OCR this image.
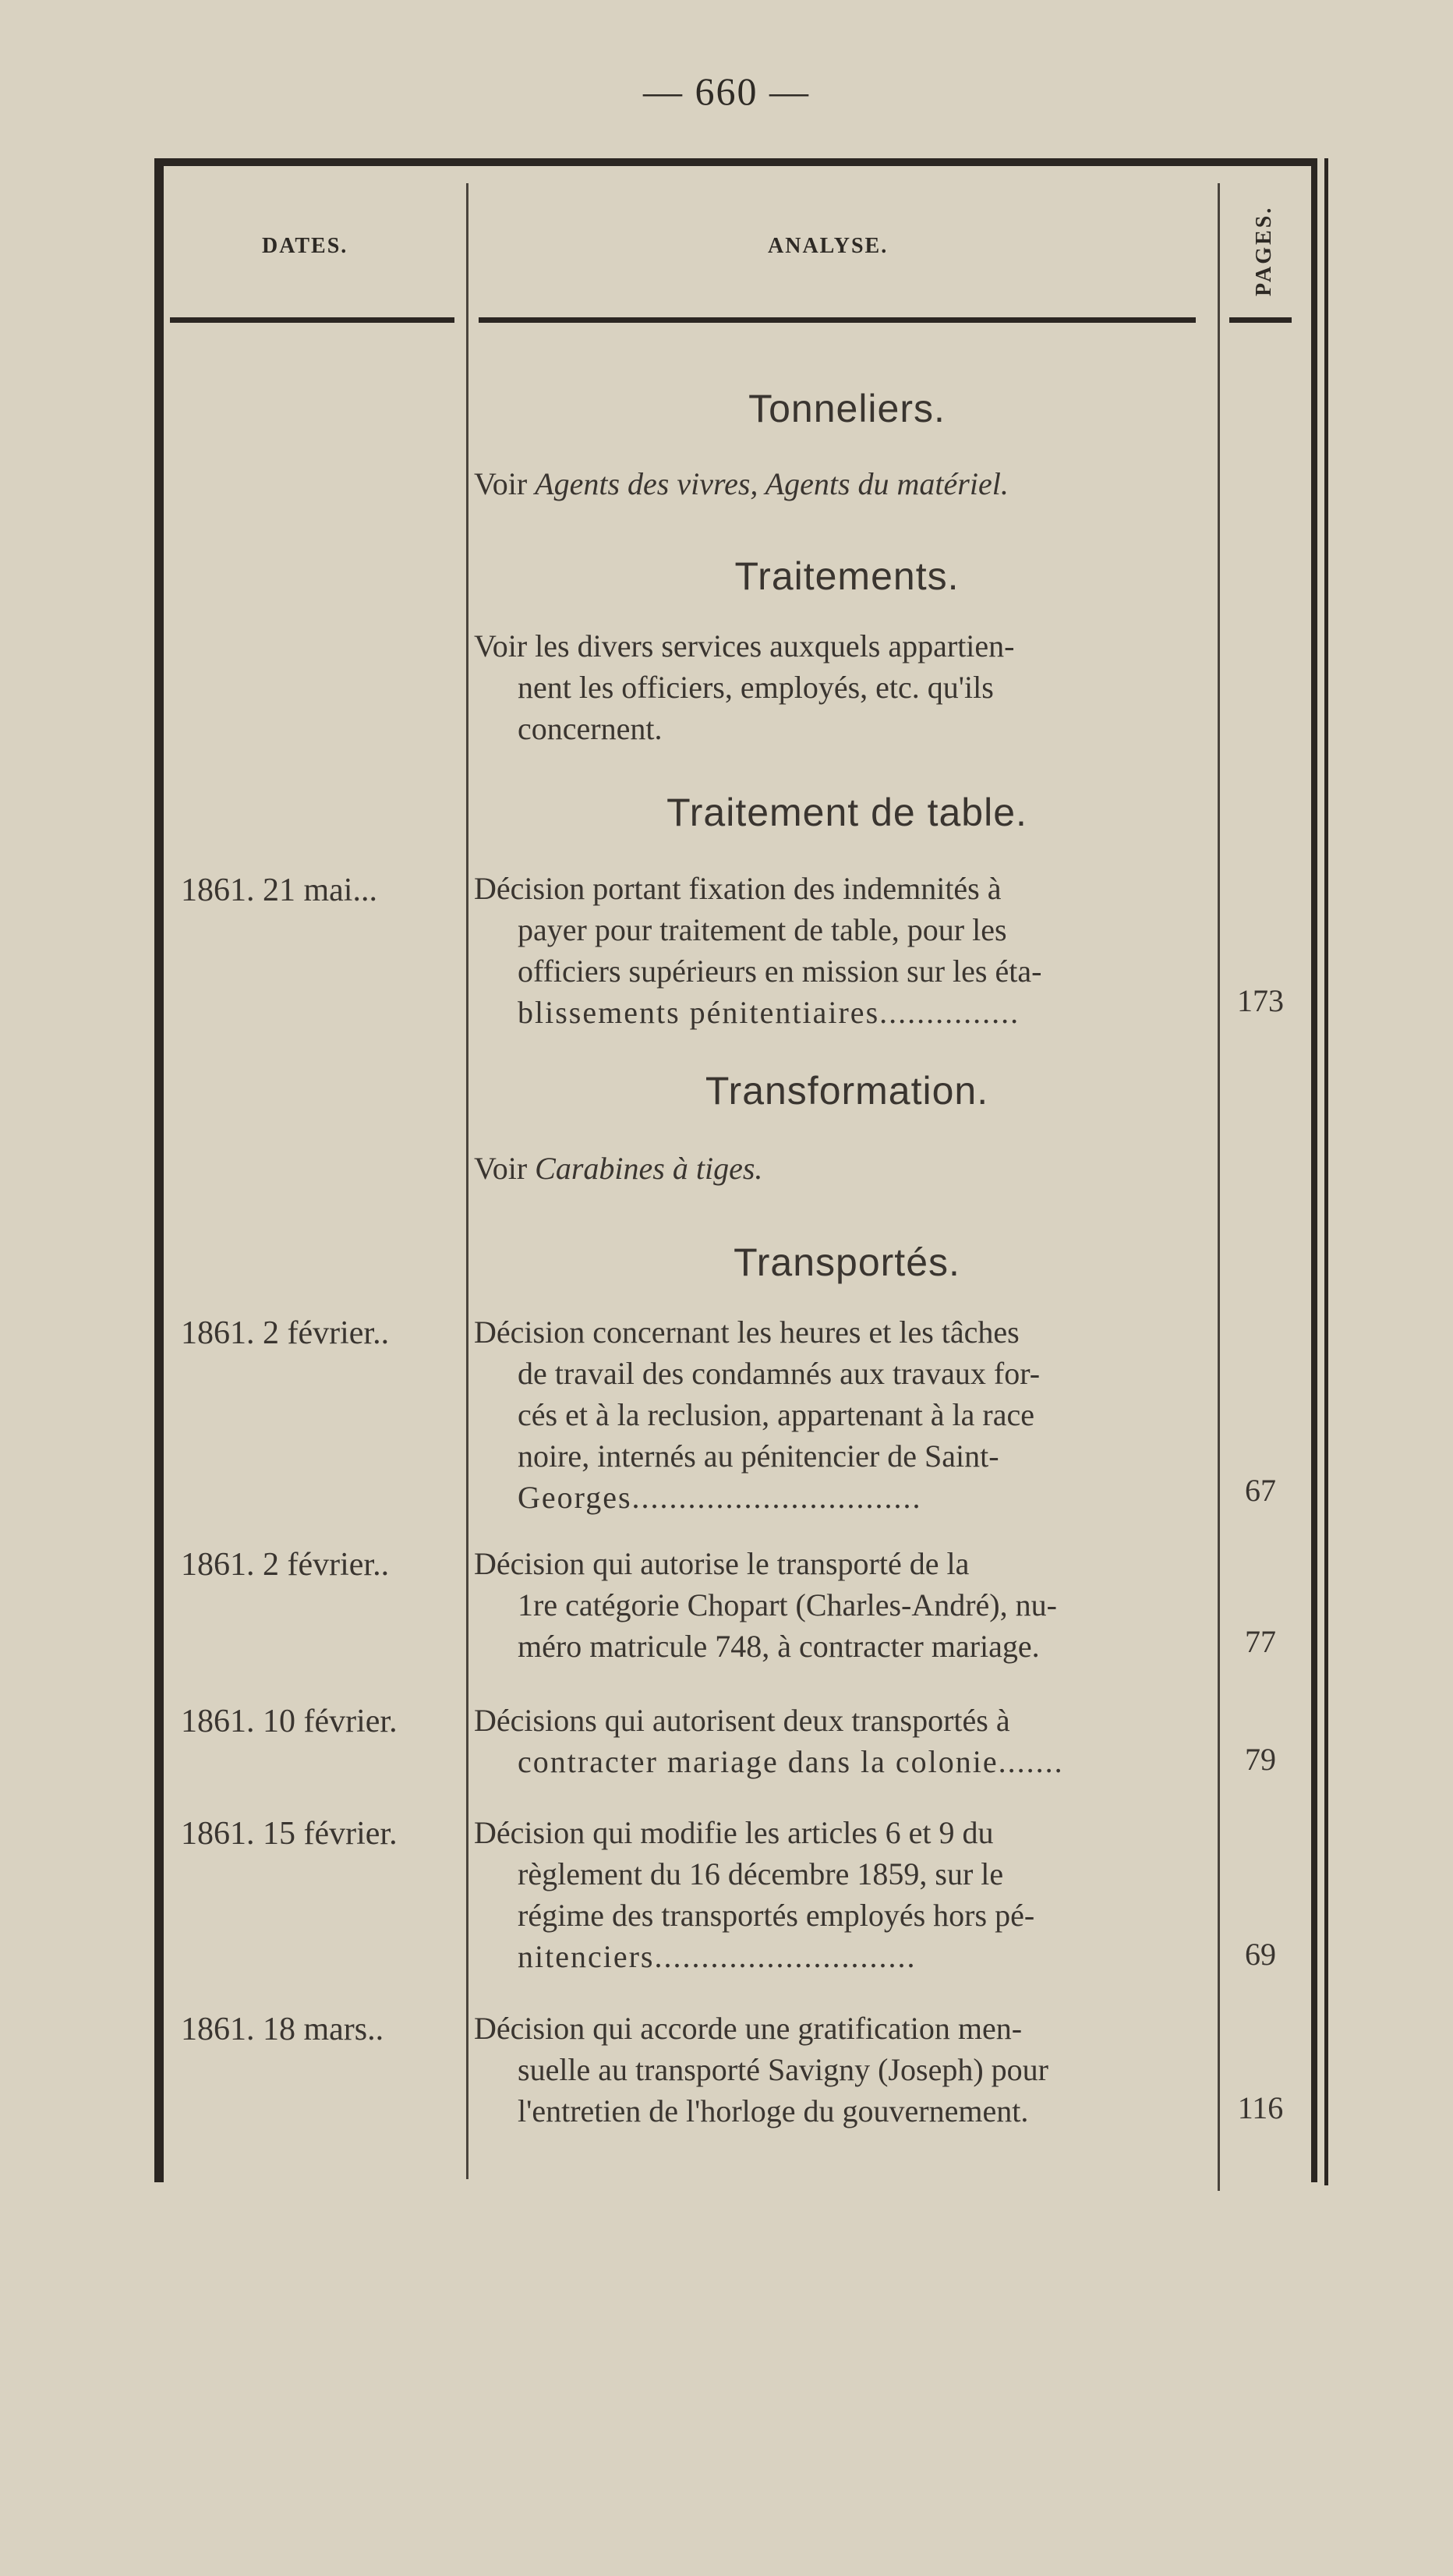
— 660 —
DATES.	ANALYSE.	PAGES.
Tonneliers.
Voir Agents des vivres, Agents du matériel.
Traitements.
Voir les divers services auxquels appartien-
nent les officiers, employés, etc. qu'ils
concernent.
Traitement de table.
1861. 21 mai...	Décision portant fixation des indemnités à
payer pour traitement de table, pour les
officiers supérieurs en mission sur les éta-
blissements pénitentiaires...............	173
Transformation.
Voir Carabines à tiges.
Transportés.
1861. 2 février..	Décision concernant les heures et les tâches
de travail des condamnés aux travaux for-
cés et à la reclusion, appartenant à la race
noire, internés au pénitencier de Saint-
Georges...............................	67
1861. 2 février..	Décision qui autorise le transporté de la
1re catégorie Chopart (Charles-André), nu-
méro matricule 748, à contracter mariage.	77
1861. 10 février. Décisions qui autorisent deux transportés à
contracter mariage dans la colonie.......	79
1861. 15 février. Décision qui modifie les articles 6 et 9 du
règlement du 16 décembre 1859, sur le
régime des transportés employés hors pé-
nitenciers............................	69
1861. 18 mars..	Décision qui accorde une gratification men-
suelle au transporté Savigny (Joseph) pour
l'entretien de l'horloge du gouvernement.	116
